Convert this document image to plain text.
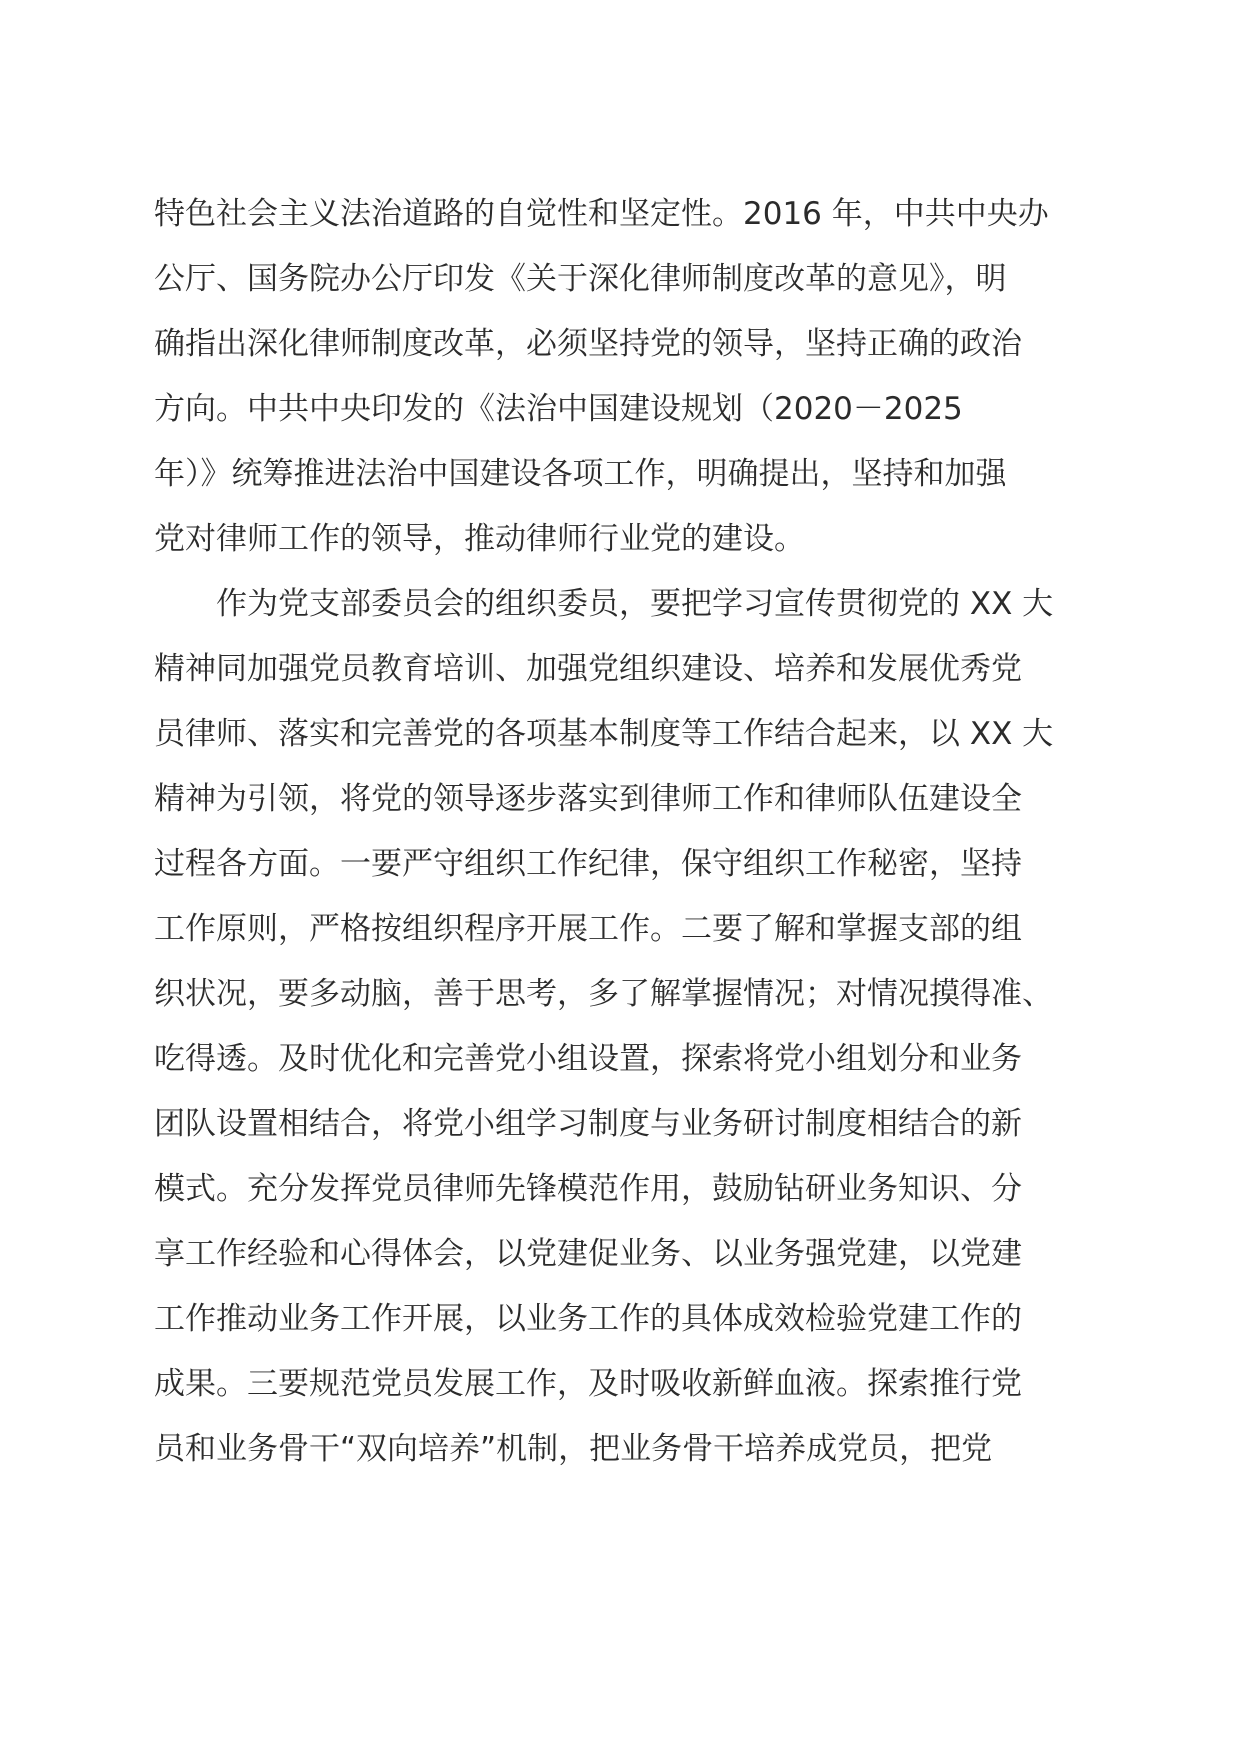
特色社会主义法治道路的自觉性和坚定性。2016 年，中共中央办
公厅、国务院办公厅印发《关于深化律师制度改革的意见》，明
确指出深化律师制度改革，必须坚持党的领导，坚持正确的政治
方向。中共中央印发的《法治中国建设规划（2020－2025
年）》统筹推进法治中国建设各项工作，明确提出，坚持和加强
党对律师工作的领导，推动律师行业党的建设。
　　作为党支部委员会的组织委员，要把学习宣传贯彻党的 XX 大
精神同加强党员教育培训、加强党组织建设、培养和发展优秀党
员律师、落实和完善党的各项基本制度等工作结合起来，以 XX 大
精神为引领，将党的领导逐步落实到律师工作和律师队伍建设全
过程各方面。一要严守组织工作纪律，保守组织工作秘密，坚持
工作原则，严格按组织程序开展工作。二要了解和掌握支部的组
织状况，要多动脑，善于思考，多了解掌握情况；对情况摸得准、
吃得透。及时优化和完善党小组设置，探索将党小组划分和业务
团队设置相结合，将党小组学习制度与业务研讨制度相结合的新
模式。充分发挥党员律师先锋模范作用，鼓励钻研业务知识、分
享工作经验和心得体会，以党建促业务、以业务强党建，以党建
工作推动业务工作开展，以业务工作的具体成效检验党建工作的
成果。三要规范党员发展工作，及时吸收新鲜血液。探索推行党
员和业务骨干“双向培养”机制，把业务骨干培养成党员，把党
